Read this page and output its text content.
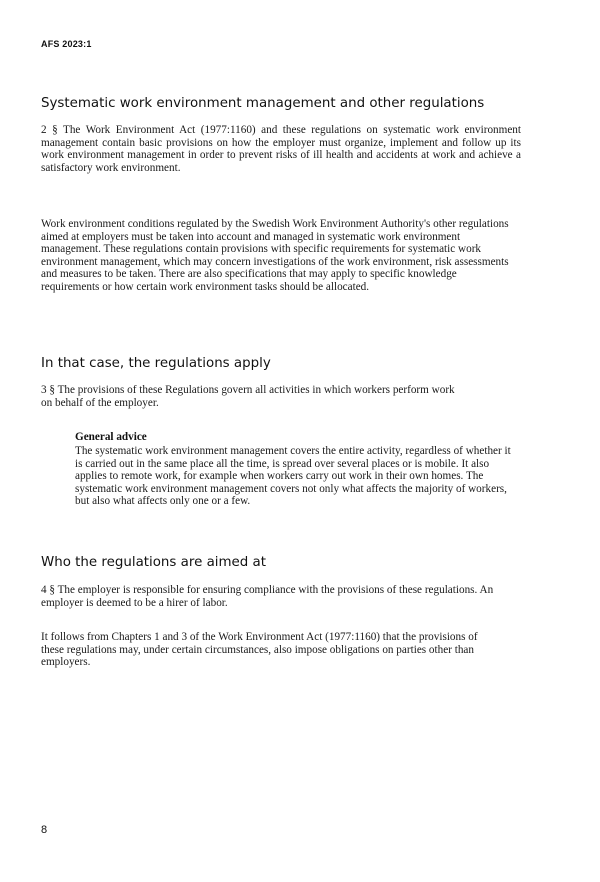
AFS 2023:1
Systematic work environment management and other regulations

2 § The Work Environment Act (1977:1160) and these regulations on systematic work environment management contain basic provisions on how the employer must organize, implement and follow up its work environment management in order to prevent risks of ill health and accidents at work and achieve a satisfactory work environment.

Work environment conditions regulated by the Swedish Work Environment Authority's other regulations aimed at employers must be taken into account and managed in systematic work environment management. These regulations contain provisions with specific requirements for systematic work environment management, which may concern investigations of the work environment, risk assessments and measures to be taken. There are also specifications that may apply to specific knowledge requirements or how certain work environment tasks should be allocated.

In that case, the regulations apply

3 § The provisions of these Regulations govern all activities in which workers perform work on behalf of the employer.

General advice

The systematic work environment management covers the entire activity, regardless of whether it is carried out in the same place all the time, is spread over several places or is mobile. It also applies to remote work, for example when workers carry out work in their own homes. The systematic work environment management covers not only what affects the majority of workers, but also what affects only one or a few.

Who the regulations are aimed at

4 § The employer is responsible for ensuring compliance with the provisions of these regulations. An employer is deemed to be a hirer of labor.

It follows from Chapters 1 and 3 of the Work Environment Act (1977:1160) that the provisions of these regulations may, under certain circumstances, also impose obligations on parties other than employers.

8
